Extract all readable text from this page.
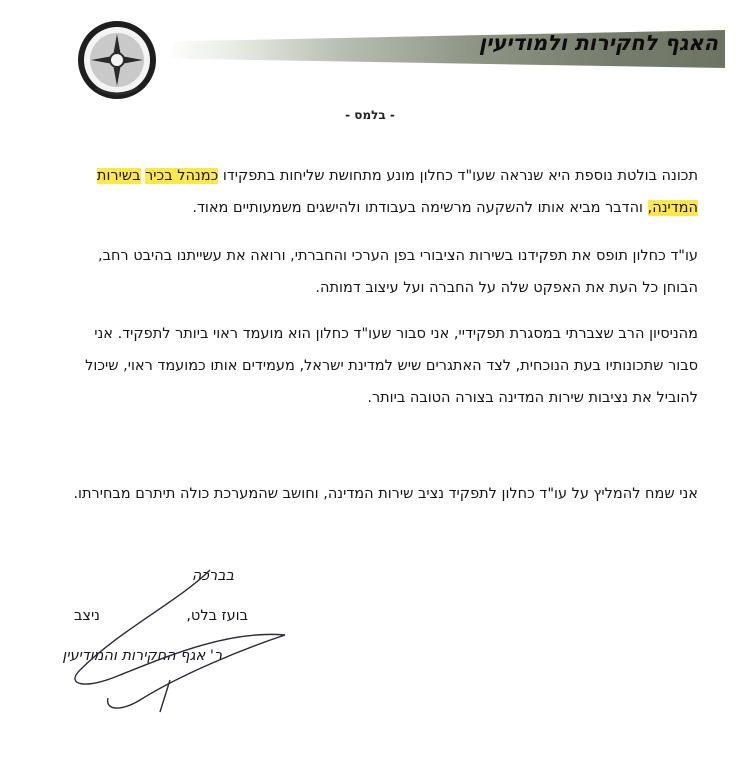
האגף לחקירות ולמודיעין
- בלמס -
תכונה בולטת נוספת היא שנראה שעו"ד כחלון מונע מתחושת שליחות בתפקידו כמנהל בכיר בשירות המדינה, והדבר מביא אותו להשקעה מרשימה בעבודתו ולהישגים משמעותיים מאוד.
עו"ד כחלון תופס את תפקידנו בשירות הציבורי בפן הערכי והחברתי, ורואה את עשייתנו בהיבט רחב, הבוחן כל העת את האפקט שלה על החברה ועל עיצוב דמותה.
מהניסיון הרב שצברתי במסגרת תפקידיי, אני סבור שעו"ד כחלון הוא מועמד ראוי ביותר לתפקיד. אני סבור שתכונותיו בעת הנוכחית, לצד האתגרים שיש למדינת ישראל, מעמידים אותו כמועמד ראוי, שיכול להוביל את נציבות שירות המדינה בצורה הטובה ביותר.
אני שמח להמליץ על עו"ד כחלון לתפקיד נציב שירות המדינה, וחושב שהמערכת כולה תיתרם מבחירתו.
בברכה
בועז בלט,
ניצב
ר' אגף החקירות והמודיעין
